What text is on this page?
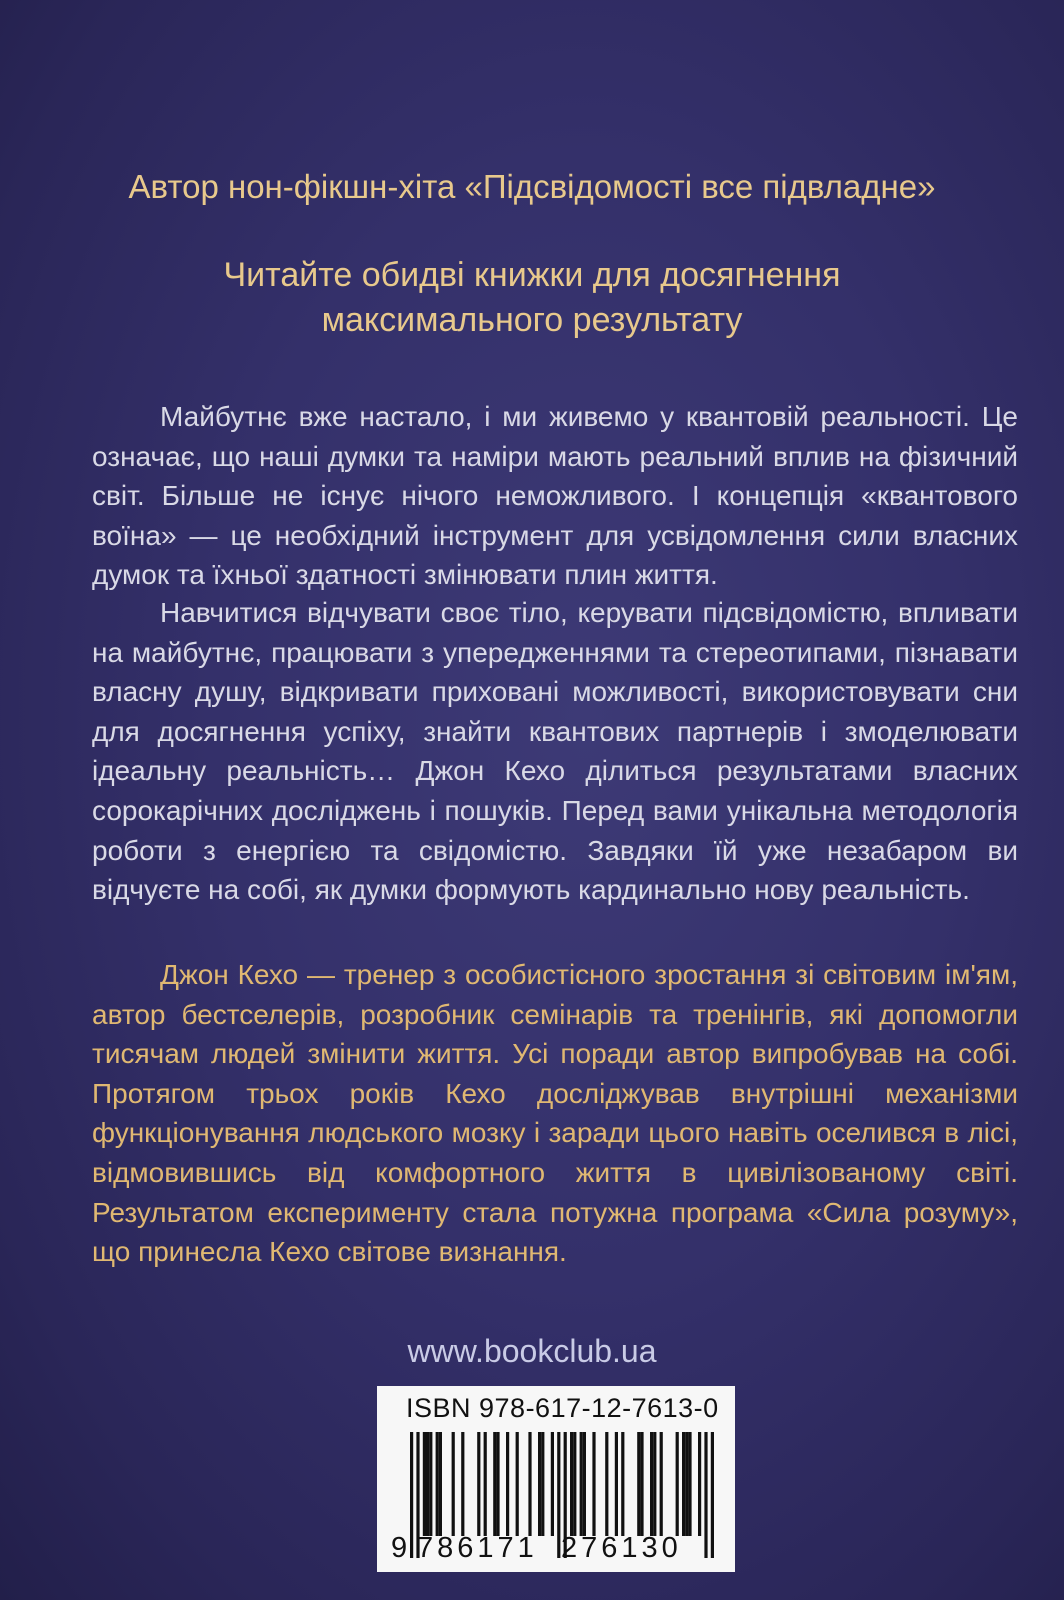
Автор нон-фікшн-хіта «Підсвідомості все підвладне»
Читайте обидві книжки для досягнення
максимального результату

Майбутнє вже настало, і ми живемо у квантовій реальності. Це означає, що наші думки та наміри мають реальний вплив на фізичний світ. Більше не існує нічого неможливого. І концепція «квантового воїна» — це необхідний інструмент для усвідомлення сили власних думок та їхньої здатності змінювати плин життя.

Навчитися відчувати своє тіло, керувати підсвідомістю, впливати на майбутнє, працювати з упередженнями та стереотипами, пізнавати власну душу, відкривати приховані можливості, використовувати сни для досягнення успіху, знайти квантових партнерів і змоделювати ідеальну реальність… Джон Кехо ділиться результатами власних сорокарічних досліджень і пошуків. Перед вами унікальна методологія роботи з енергією та свідомістю. Завдяки їй уже незабаром ви відчуєте на собі, як думки формують кардинально нову реальність.

Джон Кехо — тренер з особистісного зростання зі світовим ім'ям, автор бестселерів, розробник семінарів та тренінгів, які допомогли тисячам людей змінити життя. Усі поради автор випробував на собі. Протягом трьох років Кехо досліджував внутрішні механізми функціонування людського мозку і заради цього навіть оселився в лісі, відмовившись від комфортного життя в цивілізованому світі. Результатом експерименту стала потужна програма «Сила розуму», що принесла Кехо світове визнання.

www.bookclub.ua
ISBN 978-617-12-7613-0
9 786171 276130
